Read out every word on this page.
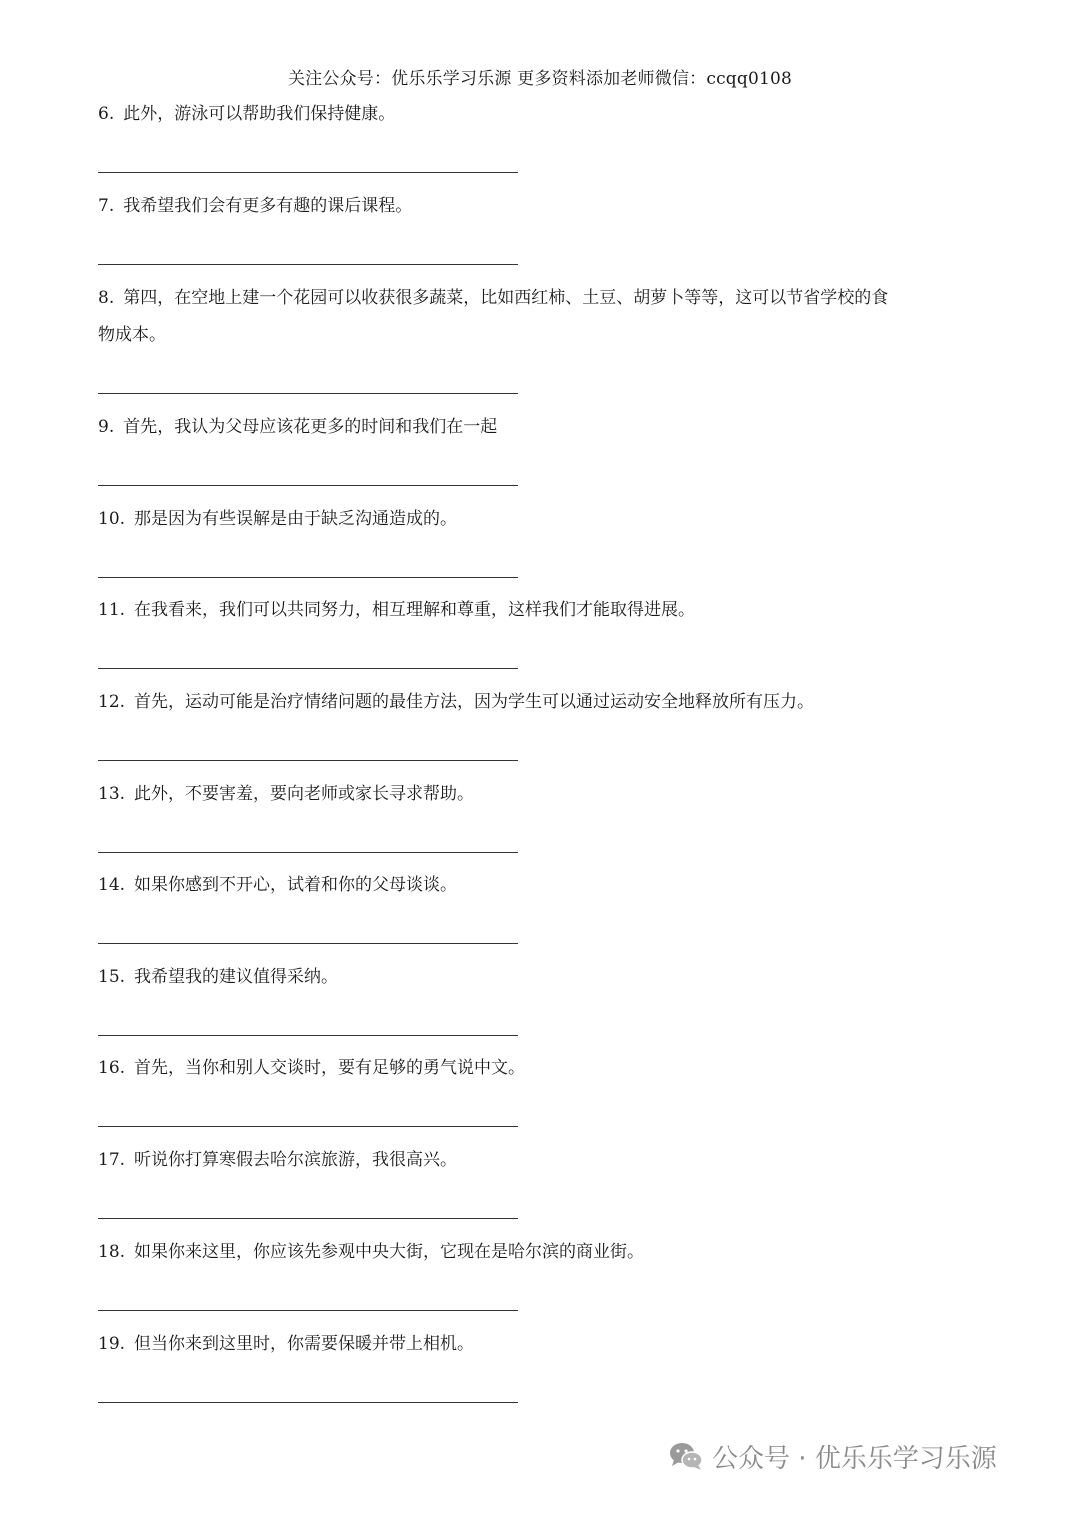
关注公众号：优乐乐学习乐源 更多资料添加老师微信：ccqq0108
6. 此外，游泳可以帮助我们保持健康。
7. 我希望我们会有更多有趣的课后课程。
8. 第四，在空地上建一个花园可以收获很多蔬菜，比如西红柿、土豆、胡萝卜等等，这可以节省学校的食
物成本。
9. 首先，我认为父母应该花更多的时间和我们在一起
10. 那是因为有些误解是由于缺乏沟通造成的。
11. 在我看来，我们可以共同努力，相互理解和尊重，这样我们才能取得进展。
12. 首先，运动可能是治疗情绪问题的最佳方法，因为学生可以通过运动安全地释放所有压力。
13. 此外，不要害羞，要向老师或家长寻求帮助。
14. 如果你感到不开心，试着和你的父母谈谈。
15. 我希望我的建议值得采纳。
16. 首先，当你和别人交谈时，要有足够的勇气说中文。
17. 听说你打算寒假去哈尔滨旅游，我很高兴。
18. 如果你来这里，你应该先参观中央大街，它现在是哈尔滨的商业街。
19. 但当你来到这里时，你需要保暖并带上相机。
公众号 · 优乐乐学习乐源
